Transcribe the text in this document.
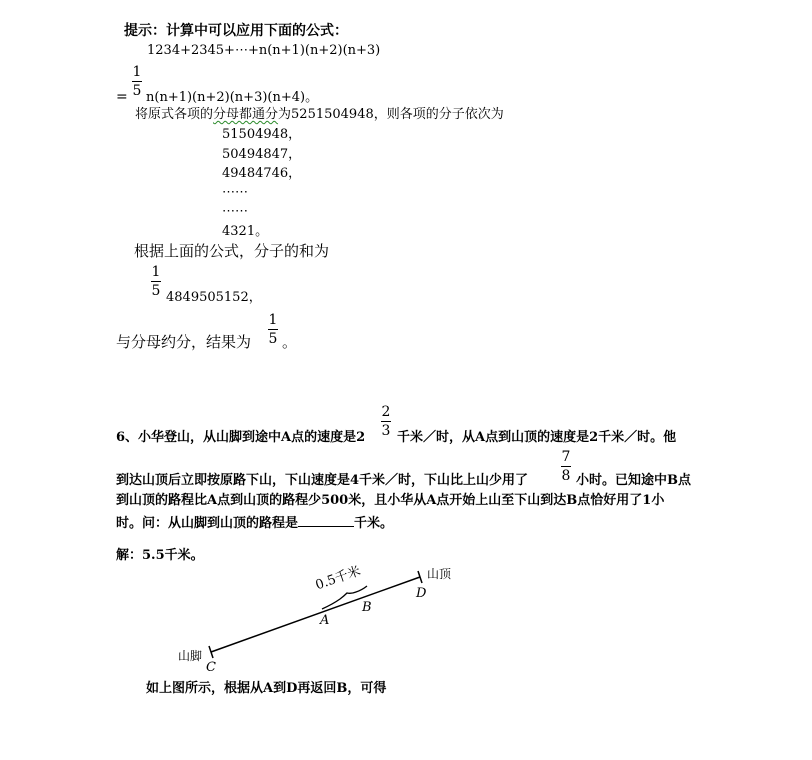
提示：计算中可以应用下面的公式：
1234+2345+⋯+n(n+1)(n+2)(n+3)
=
1
5 n(n+1)(n+2)(n+3)(n+4)。
将原式各项的分母都通分为5251504948，则各项的分子依次为
51504948，
50494847，
49484746，
⋯⋯
⋯⋯
4321。
根据上面的公式，分子的和为
1
5 4849505152，
与分母约分，结果为
1
5 。
6、小华登山，从山脚到途中A点的速度是2
2
3 千米／时，从A点到山顶的速度是2千米／时。他
到达山顶后立即按原路下山，下山速度是4千米／时，下山比上山少用了
7
8 小时。已知途中B点
到山顶的路程比A点到山顶的路程少500米，且小华从A点开始上山至下山到达B点恰好用了1小
时。问：从山脚到山顶的路程是	千米。
解：5.5千米。
0.5千米
A
B
C
D
山顶
山脚
如上图所示，根据从A到D再返回B，可得
